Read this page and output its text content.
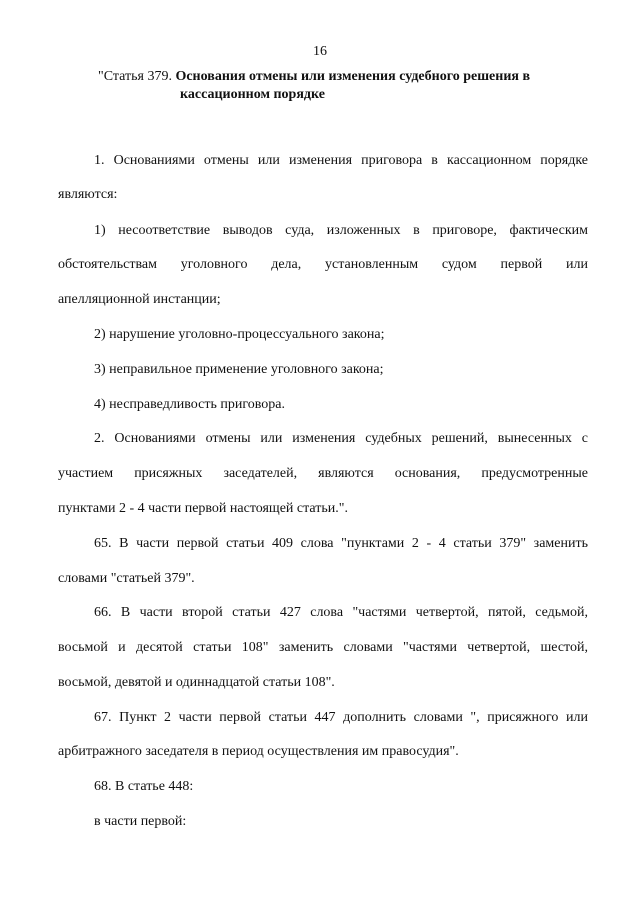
16
"Статья 379. Основания отмены или изменения судебного решения в
кассационном порядке

1. Основаниями отмены или изменения приговора в кассационном порядке

являются:

1) несоответствие выводов суда, изложенных в приговоре, фактическим

обстоятельствам уголовного дела, установленным судом первой или

апелляционной инстанции;

2) нарушение уголовно-процессуального закона;

3) неправильное применение уголовного закона;

4) несправедливость приговора.

2. Основаниями отмены или изменения судебных решений, вынесенных с

участием присяжных заседателей, являются основания, предусмотренные

пунктами 2 - 4 части первой настоящей статьи.".

65. В части первой статьи 409 слова "пунктами 2 - 4 статьи 379" заменить

словами "статьей 379".

66. В части второй статьи 427 слова "частями четвертой, пятой, седьмой,

восьмой и десятой статьи 108" заменить словами "частями четвертой, шестой,

восьмой, девятой и одиннадцатой статьи 108".

67. Пункт 2 части первой статьи 447 дополнить словами ", присяжного или

арбитражного заседателя в период осуществления им правосудия".

68. В статье 448:

в части первой:
